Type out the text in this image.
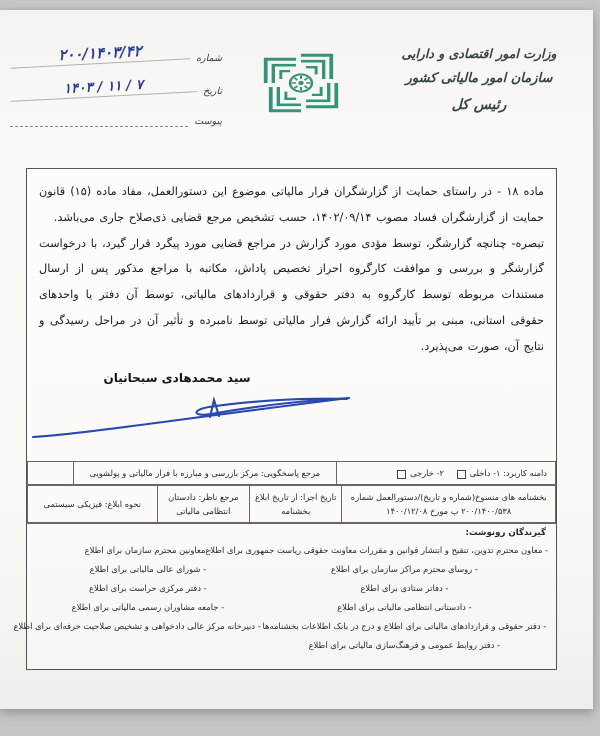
وزارت امور اقتصادی و دارایی
سازمان امور مالیاتی کشور
رئیس کل
شماره
۲۰۰/۱۴۰۳/۴۲
تاریخ
۱۴۰۳ / ۱۱ / ۷
پیوست

ماده ۱۸ - در راستای حمایت از گزارشگران فرار مالیاتی موضوع این دستورالعمل، مفاد ماده (۱۵) قانون حمایت از گزارشگران فساد مصوب ۱۴۰۲/۰۹/۱۴، حسب تشخیص مرجع قضایی ذی‌صلاح جاری می‌باشد.

تبصره- چنانچه گزارشگر، توسط مؤدی مورد گزارش در مراجع قضایی مورد پیگرد قرار گیرد، با درخواست گزارشگر و بررسی و موافقت کارگروه احراز تخصیص پاداش، مکاتبه با مراجع مذکور پس از ارسال مستندات مربوطه توسط کارگروه به دفتر حقوقی و قراردادهای مالیاتی، توسط آن دفتر یا واحدهای حقوقی استانی، مبنی بر تأیید ارائه گزارش فرار مالیاتی توسط نامبرده و تأثیر آن در مراحل رسیدگی و نتایج آن، صورت می‌پذیرد.

سید محمدهادی سبحانیان
دامنه کاربرد: ۱- داخلی ۲- خارجی	مرجع پاسخگویی: مرکز بازرسی و مبارزه با فرار مالیاتی و پولشویی	
بخشنامه های منسوخ(شماره و تاریخ)/دستورالعمل شماره
۲۰۰/۱۴۰۰/۵۳۸ پ مورخ ۱۴۰۰/۱۲/۰۸
	تاریخ اجرا: از تاریخ ابلاغ بخشنامه	مرجع ناظر: دادستان انتظامی مالیاتی	نحوه ابلاغ: فیزیکی سیستمی
گیرندگان رونوشت:
- معاون محترم تدوین، تنقیح و انتشار قوانین و مقررات معاونت حقوقی ریاست جمهوری برای اطلاع
- روسای محترم مراکز سازمان برای اطلاع
- دفاتر ستادی برای اطلاع
- دادستانی انتظامی مالیاتی برای اطلاع
- دفتر حقوقی و قراردادهای مالیاتی برای اطلاع و درج در بانک اطلاعات بخشنامه‌ها
- دفتر روابط عمومی و فرهنگ‌سازی مالیاتی برای اطلاع
- معاونین محترم سازمان برای اطلاع
- شورای عالی مالیاتی برای اطلاع
- دفتر مرکزی حراست برای اطلاع
- جامعه مشاوران رسمی مالیاتی برای اطلاع
- دبیرخانه مرکز عالی دادخواهی و تشخیص صلاحیت حرفه‌ای برای اطلاع
